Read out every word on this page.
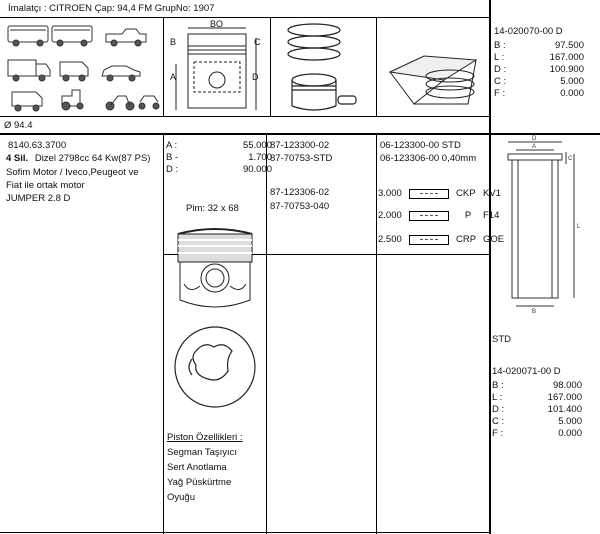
İmalatçı : CITROEN Çap: 94,4 FM GrupNo: 1907
B
BO
C
A	D
Ø 94.4
8140.63.3700
4 Sil. Dizel 2798cc 64 Kw(87 PS)
Sofim Motor / Iveco,Peugeot ve
Fiat ile ortak motor
JUMPER 2.8 D
A :	55.000
B -	1.700
D :	90.000
Pim: 32 x 68
87-123300-02
87-70753-STD
87-123306-02
87-70753-040
06-123300-00 STD
06-123306-00 0,40mm
3.000	CKP KV1
2.000	P	F14
2.500	CRP GOE
Piston Özellikleri :
Segman Taşıyıcı
Sert Anotlama
Yağ Püskürtme
Oyuğu
14-020070-00 D
B :	97.500
L :	167.000
D :	100.900
C :	5.000
F :	0.000
D
A
C
L
B
STD
14-020071-00 D
B :	98.000
L :	167.000
D :	101.400
C :	5.000
F :	0.000
